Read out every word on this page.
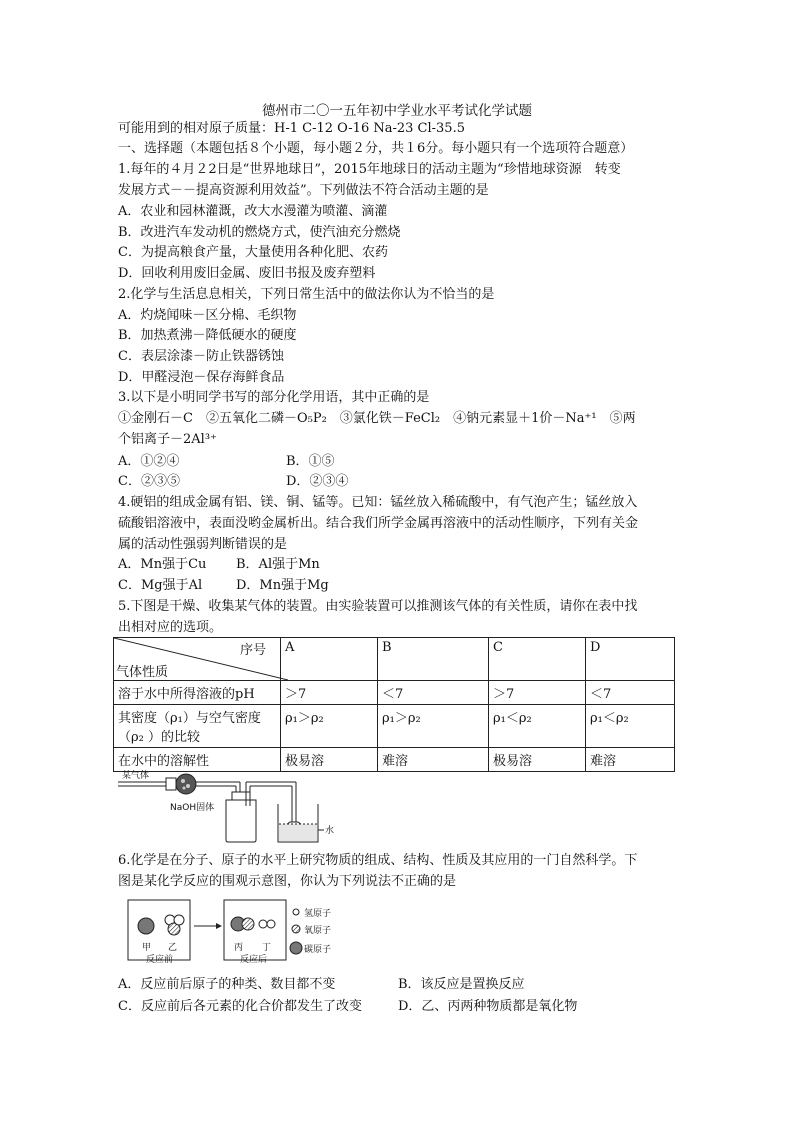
德州市二〇一五年初中学业水平考试化学试题
可能用到的相对原子质量：H-1 C-12 O-16 Na-23 Cl-35.5
一、选择题（本题包括８个小题，每小题２分，共１6分。每小题只有一个选项符合题意）
1.每年的４月２2日是“世界地球日”，2015年地球日的活动主题为“珍惜地球资源　转变
发展方式－－提高资源利用效益”。下列做法不符合活动主题的是
A．农业和园林灌溉，改大水漫灌为喷灌、滴灌
B．改进汽车发动机的燃烧方式，使汽油充分燃烧
C．为提高粮食产量，大量使用各种化肥、农药
D．回收利用废旧金属、废旧书报及废弃塑料
2.化学与生活息息相关，下列日常生活中的做法你认为不恰当的是
A．灼烧闻味－区分棉、毛织物
B．加热煮沸－降低硬水的硬度
C．表层涂漆－防止铁器锈蚀
D．甲醛浸泡－保存海鲜食品
3.以下是小明同学书写的部分化学用语，其中正确的是
①金刚石－C　②五氧化二磷－O₅P₂　③氯化铁－FeCl₂　④钠元素显＋1价－Na⁺¹　⑤两
个铝离子－2Al³⁺
A．①②④	B．①⑤
C．②③⑤	D．②③④
4.硬铝的组成金属有铝、镁、铜、锰等。已知：锰丝放入稀硫酸中，有气泡产生；锰丝放入
硫酸铝溶液中，表面没哟金属析出。结合我们所学金属再溶液中的活动性顺序，下列有关金
属的活动性强弱判断错误的是
A．Mn强于Cu B．Al强于Mn
C．Mg强于Al	D．Mn强于Mg
5.下图是干燥、收集某气体的装置。由实验装置可以推测该气体的有关性质，请你在表中找
出相对应的选项。
序号
气体性质	A	B	C	D
溶于水中所得溶液的pH	＞7	＜7	＞7	＜7

其密度（ρ₁）与空气密度
（ρ₂ ）的比较	ρ₁＞ρ₂	ρ₁＞ρ₂	ρ₁＜ρ₂	ρ₁＜ρ₂
在水中的溶解性	极易溶	难溶	极易溶	难溶
某气体
NaOH固体
水
6.化学是在分子、原子的水平上研究物质的组成、结构、性质及其应用的一门自然科学。下
图是某化学反应的围观示意图，你认为下列说法不正确的是
甲 乙
反应前
丙 丁
反应后
氢原子
氧原子
碳原子
A．反应前后原子的种类、数目都不变	B．该反应是置换反应
C．反应前后各元素的化合价都发生了改变	D．乙、丙两种物质都是氧化物
